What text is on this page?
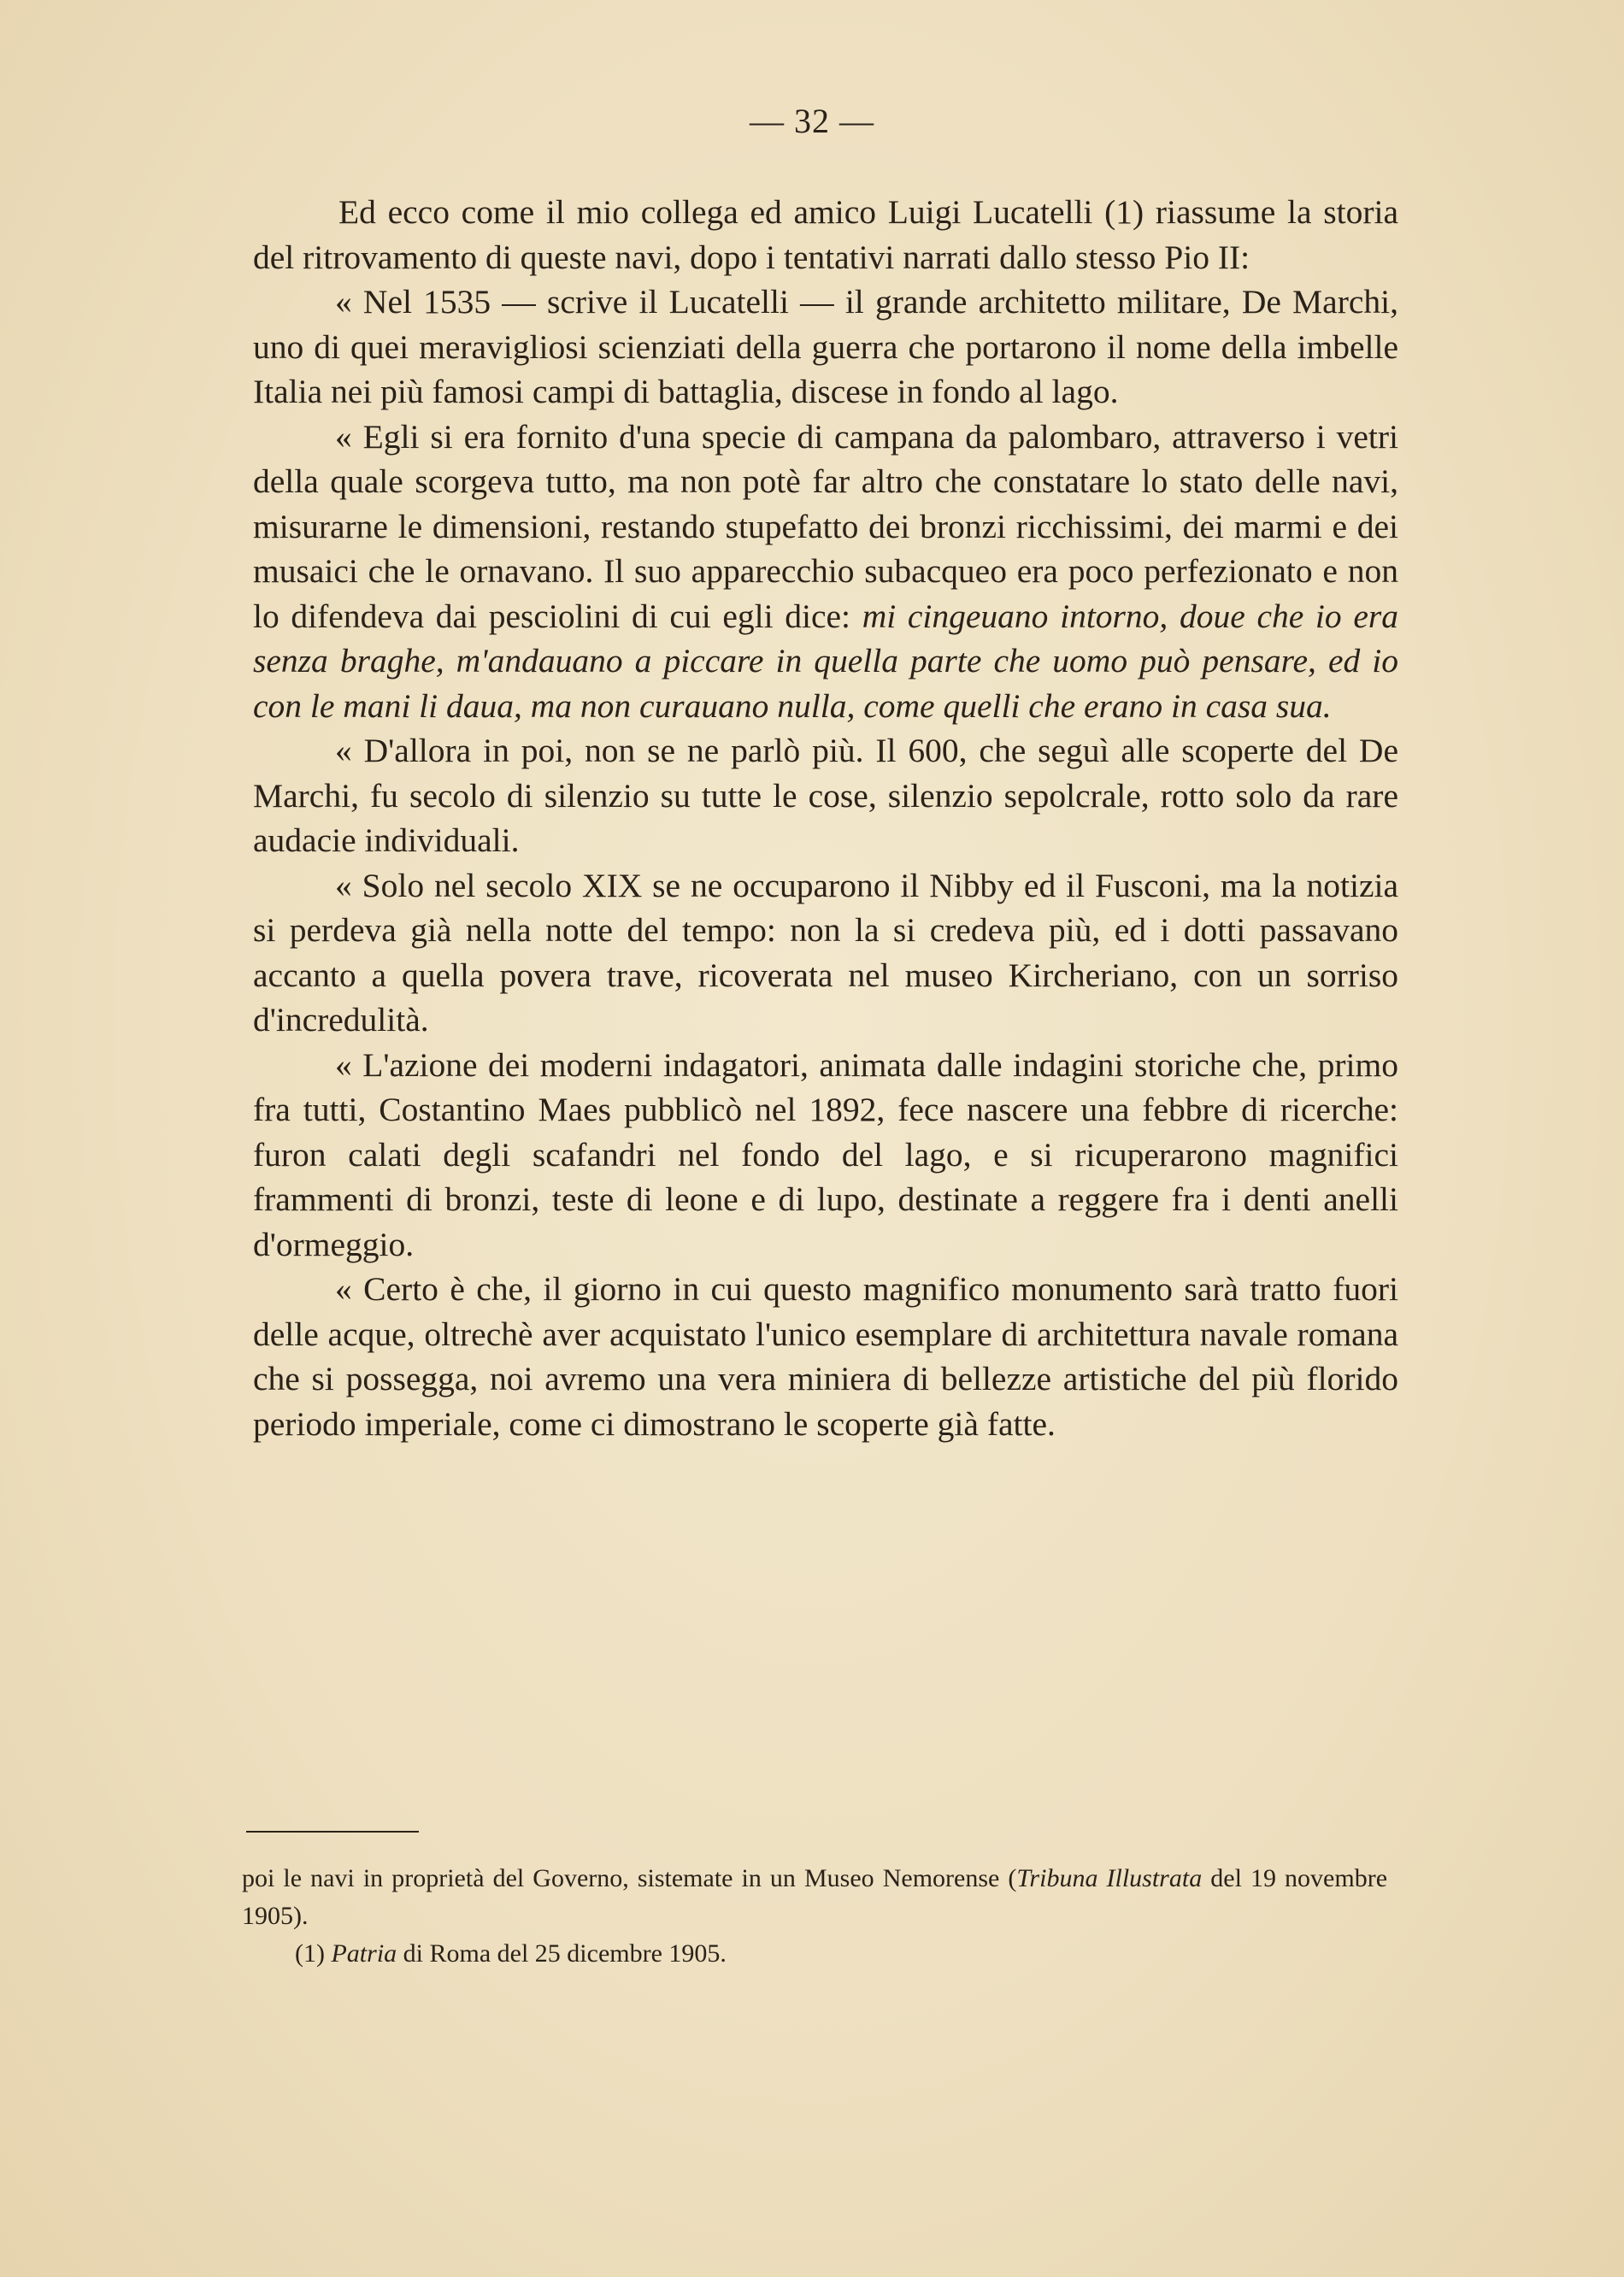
— 32 —

Ed ecco come il mio collega ed amico Luigi Lucatelli (1) riassume la storia del ritrovamento di queste navi, dopo i tentativi narrati dallo stesso Pio II:

« Nel 1535 — scrive il Lucatelli — il grande architetto militare, De Marchi, uno di quei meravigliosi scienziati della guerra che portarono il nome della imbelle Italia nei più famosi campi di battaglia, discese in fondo al lago.

« Egli si era fornito d'una specie di campana da palombaro, attraverso i vetri della quale scorgeva tutto, ma non potè far altro che constatare lo stato delle navi, misurarne le dimensioni, restando stupefatto dei bronzi ricchissimi, dei marmi e dei musaici che le ornavano. Il suo apparecchio subacqueo era poco perfezionato e non lo difendeva dai pesciolini di cui egli dice: mi cingeuano intorno, doue che io era senza braghe, m'andauano a piccare in quella parte che uomo può pensare, ed io con le mani li daua, ma non curauano nulla, come quelli che erano in casa sua.

« D'allora in poi, non se ne parlò più. Il 600, che seguì alle scoperte del De Marchi, fu secolo di silenzio su tutte le cose, silenzio sepolcrale, rotto solo da rare audacie individuali.

« Solo nel secolo XIX se ne occuparono il Nibby ed il Fusconi, ma la notizia si perdeva già nella notte del tempo: non la si credeva più, ed i dotti passavano accanto a quella povera trave, ricoverata nel museo Kircheriano, con un sorriso d'incredulità.

« L'azione dei moderni indagatori, animata dalle indagini storiche che, primo fra tutti, Costantino Maes pubblicò nel 1892, fece nascere una febbre di ricerche: furon calati degli scafandri nel fondo del lago, e si ricuperarono magnifici frammenti di bronzi, teste di leone e di lupo, destinate a reggere fra i denti anelli d'ormeggio.

« Certo è che, il giorno in cui questo magnifico monumento sarà tratto fuori delle acque, oltrechè aver acquistato l'unico esemplare di architettura navale romana che si possegga, noi avremo una vera miniera di bellezze artistiche del più florido periodo imperiale, come ci dimostrano le scoperte già fatte.

poi le navi in proprietà del Governo, sistemate in un Museo Nemorense (Tribuna Illustrata del 19 novembre 1905).

(1) Patria di Roma del 25 dicembre 1905.
